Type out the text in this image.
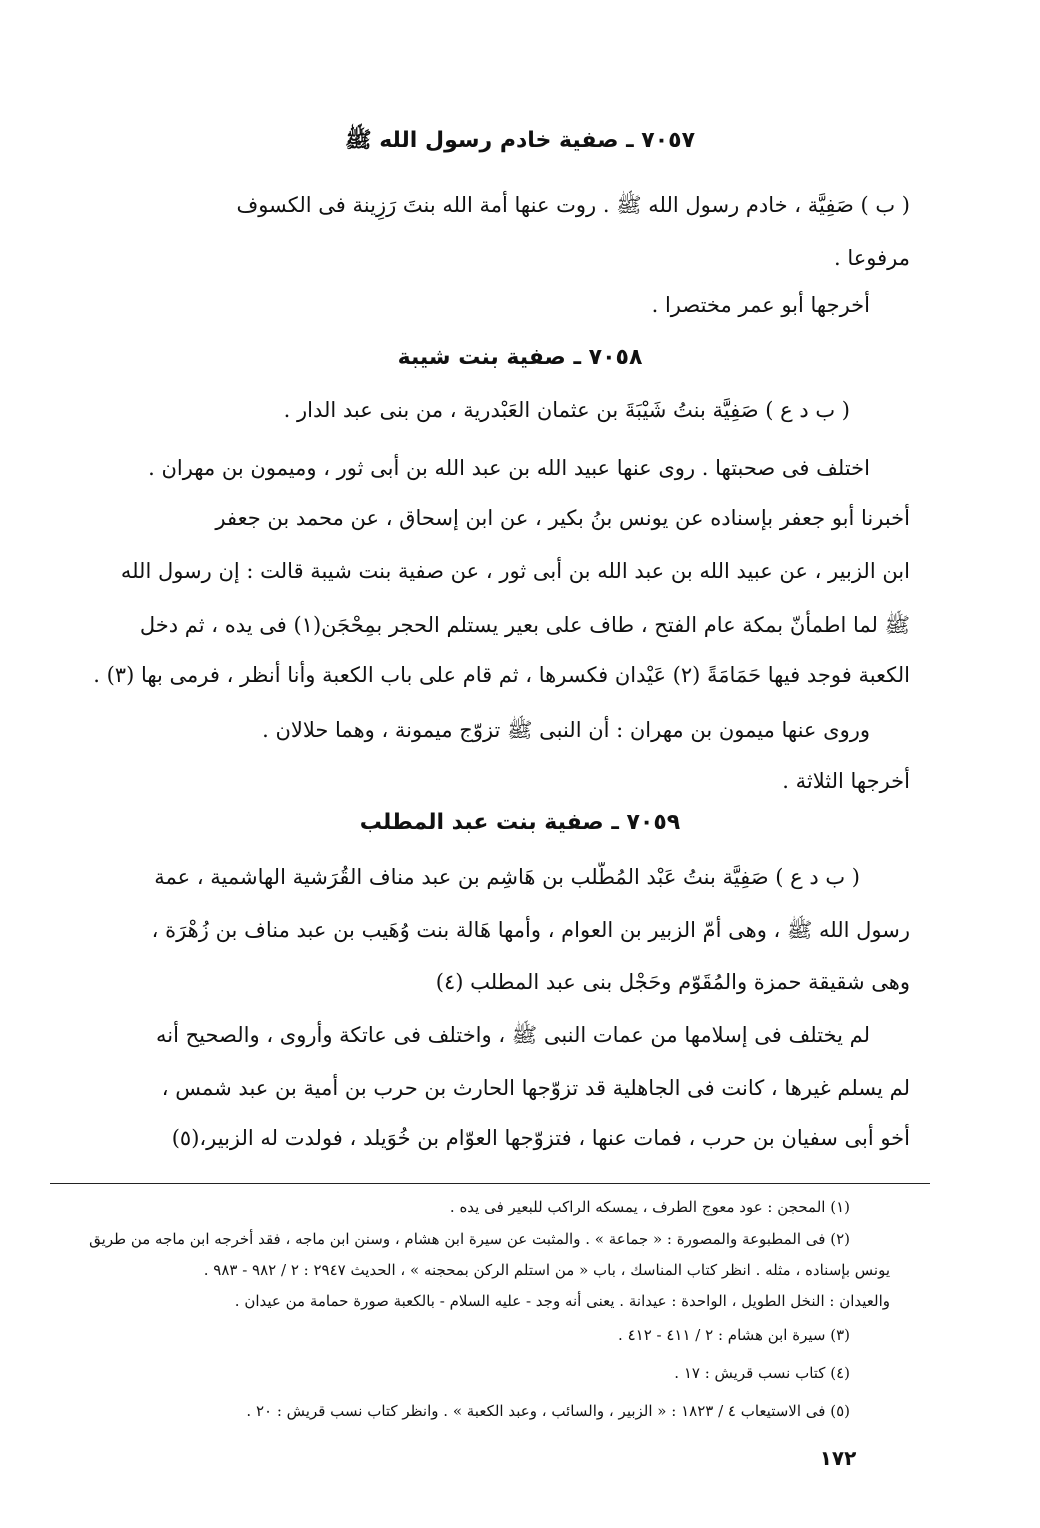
٧٠٥٧ ـ صفية خادم رسول الله ﷺ
( ب ) صَفِيَّة ، خادم رسول الله ﷺ . روت عنها أمة الله بنتَ رَزِينة فى الكسوف
مرفوعا .
أخرجها أبو عمر مختصرا .
٧٠٥٨ ـ صفية بنت شيبة
( ب د ع ) صَفِيَّة بنتُ شَيْبَةَ بن عثمان العَبْدرية ، من بنى عبد الدار .
اختلف فى صحبتها . روى عنها عبيد الله بن عبد الله بن أبى ثور ، وميمون بن مهران .
أخبرنا أبو جعفر بإسناده عن يونس بنُ بكير ، عن ابن إسحاق ، عن محمد بن جعفر
ابن الزبير ، عن عبيد الله بن عبد الله بن أبى ثور ، عن صفية بنت شيبة قالت : إن رسول الله
ﷺ لما اطمأنّ بمكة عام الفتح ، طاف على بعير يستلم الحجر بمِحْجَن(١) فى يده ، ثم دخل
الكعبة فوجد فيها حَمَامَةً (٢) عَيْدان فكسرها ، ثم قام على باب الكعبة وأنا أنظر ، فرمى بها (٣) .
وروى عنها ميمون بن مهران : أن النبى ﷺ تزوّج ميمونة ، وهما حلالان .
أخرجها الثلاثة .
٧٠٥٩ ـ صفية بنت عبد المطلب
( ب د ع ) صَفِيَّة بنتُ عَبْد المُطَّلب بن هَاشِم بن عبد مناف القُرَشية الهاشمية ، عمة
رسول الله ﷺ ، وهى أمّ الزبير بن العوام ، وأمها هَالة بنت وُهَيب بن عبد مناف بن زُهْرَة ،
وهى شقيقة حمزة والمُقَوّم وحَجْل بنى عبد المطلب (٤)
لم يختلف فى إسلامها من عمات النبى ﷺ ، واختلف فى عاتكة وأروى ، والصحيح أنه
لم يسلم غيرها ، كانت فى الجاهلية قد تزوّجها الحارث بن حرب بن أمية بن عبد شمس ،
أخو أبى سفيان بن حرب ، فمات عنها ، فتزوّجها العوّام بن خُوَيلد ، فولدت له الزبير،(٥)
(١) المحجن : عود معوج الطرف ، يمسكه الراكب للبعير فى يده .
(٢) فى المطبوعة والمصورة : « جماعة » . والمثبت عن سيرة ابن هشام ، وسنن ابن ماجه ، فقد أخرجه ابن ماجه من طريق
يونس بإسناده ، مثله . انظر كتاب المناسك ، باب « من استلم الركن بمحجنه » ، الحديث ٢٩٤٧ : ٢ / ٩٨٢ - ٩٨٣ .
والعيدان : النخل الطويل ، الواحدة : عيدانة . يعنى أنه وجد - عليه السلام - بالكعبة صورة حمامة من عيدان .
(٣) سيرة ابن هشام : ٢ / ٤١١ - ٤١٢ .
(٤) كتاب نسب قريش : ١٧ .
(٥) فى الاستيعاب ٤ / ١٨٢٣ : « الزبير ، والسائب ، وعبد الكعبة » . وانظر كتاب نسب قريش : ٢٠ .
١٧٢
